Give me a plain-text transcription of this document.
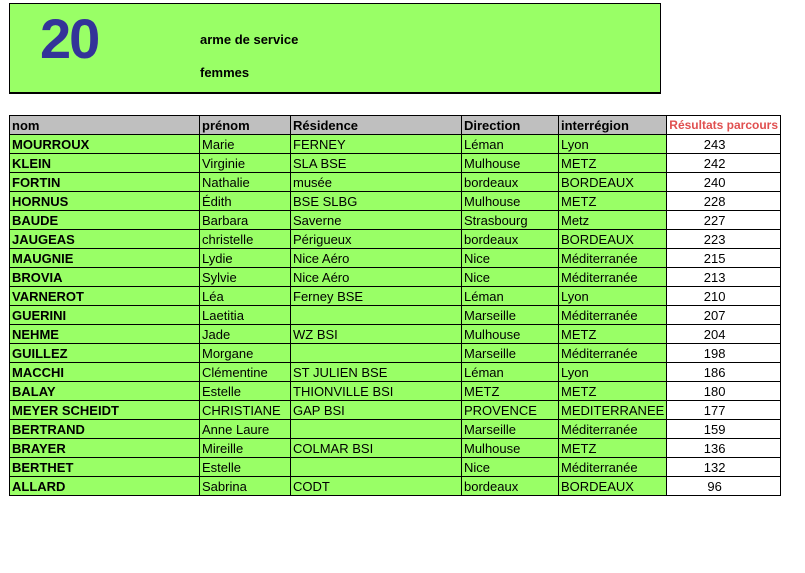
20	arme de service
femmes
nom	prénom	Résidence	Direction	interrégion	Résultats parcours
MOURROUX	Marie	FERNEY	Léman	Lyon	243
KLEIN	Virginie	SLA BSE	Mulhouse	METZ	242
FORTIN	Nathalie	musée	bordeaux	BORDEAUX	240
HORNUS	Édith	BSE SLBG	Mulhouse	METZ	228
BAUDE	Barbara	Saverne	Strasbourg	Metz	227
JAUGEAS	christelle	Périgueux	bordeaux	BORDEAUX	223
MAUGNIE	Lydie	Nice Aéro	Nice	Méditerranée	215
BROVIA	Sylvie	Nice Aéro	Nice	Méditerranée	213
VARNEROT	Léa	Ferney BSE	Léman	Lyon	210
GUERINI	Laetitia		Marseille	Méditerranée	207
NEHME	Jade	WZ BSI	Mulhouse	METZ	204
GUILLEZ	Morgane		Marseille	Méditerranée	198
MACCHI	Clémentine	ST JULIEN BSE	Léman	Lyon	186
BALAY	Estelle	THIONVILLE BSI	METZ	METZ	180
MEYER SCHEIDT	CHRISTIANE	GAP BSI	PROVENCE	MEDITERRANEE	177
BERTRAND	Anne Laure		Marseille	Méditerranée	159
BRAYER	Mireille	COLMAR BSI	Mulhouse	METZ	136
BERTHET	Estelle		Nice	Méditerranée	132
ALLARD	Sabrina	CODT	bordeaux	BORDEAUX	96
